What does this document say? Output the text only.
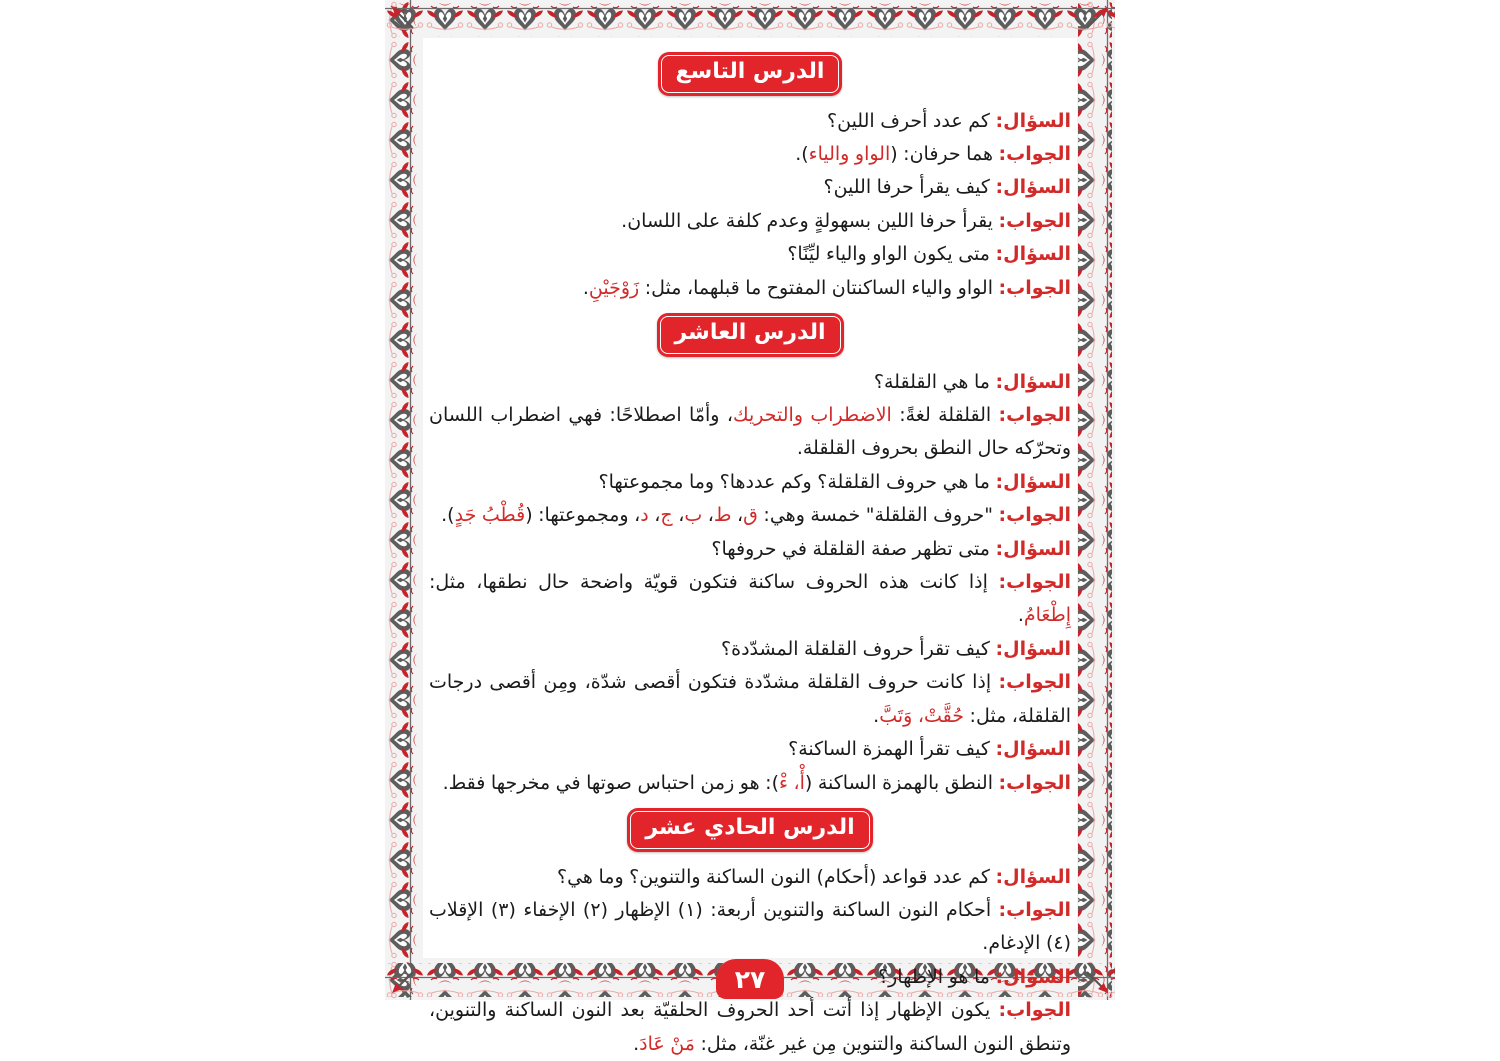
الدرس التاسع

السؤال: كم عدد أحرف اللين؟

الجواب: هما حرفان: (الواو والياء).

السؤال: كيف يقرأ حرفا اللين؟

الجواب: يقرأ حرفا اللين بسهولةٍ وعدم كلفة على اللسان.

السؤال: متى يكون الواو والياء ليِّنًا؟

الجواب: الواو والياء الساكنتان المفتوح ما قبلهما، مثل: زَوْجَيْنِ.

الدرس العاشر

السؤال: ما هي القلقلة؟

الجواب: القلقلة لغةً: الاضطراب والتحريك، وأمّا اصطلاحًا: فهي اضطراب اللسان وتحرّكه حال النطق بحروف القلقلة.

السؤال: ما هي حروف القلقلة؟ وكم عددها؟ وما مجموعتها؟

الجواب: "حروف القلقلة" خمسة وهي: ق، ط، ب، ج، د، ومجموعتها: (قُطْبُ جَدٍ).

السؤال: متى تظهر صفة القلقلة في حروفها؟

الجواب: إذا كانت هذه الحروف ساكنة فتكون قويّة واضحة حال نطقها، مثل: إِطْعَامُ.

السؤال: كيف تقرأ حروف القلقلة المشدّدة؟

الجواب: إذا كانت حروف القلقلة مشدّدة فتكون أقصى شدّة، ومِن أقصى درجات القلقلة، مثل: حُقَّتْ، وَتَبَّ.

السؤال: كيف تقرأ الهمزة الساكنة؟

الجواب: النطق بالهمزة الساكنة (أْ، ءْ): هو زمن احتباس صوتها في مخرجها فقط.

الدرس الحادي عشر

السؤال: كم عدد قواعد (أحكام) النون الساكنة والتنوين؟ وما هي؟

الجواب: أحكام النون الساكنة والتنوين أربعة: (١) الإظهار (٢) الإخفاء (٣) الإقلاب (٤) الإدغام.

السؤال: ما هو الإظهار؟

الجواب: يكون الإظهار إذا أتت أحد الحروف الحلقيّة بعد النون الساكنة والتنوين، وتنطق النون الساكنة والتنوين مِن غير غنّة، مثل: مَنْ عَادَ.

٢٧
